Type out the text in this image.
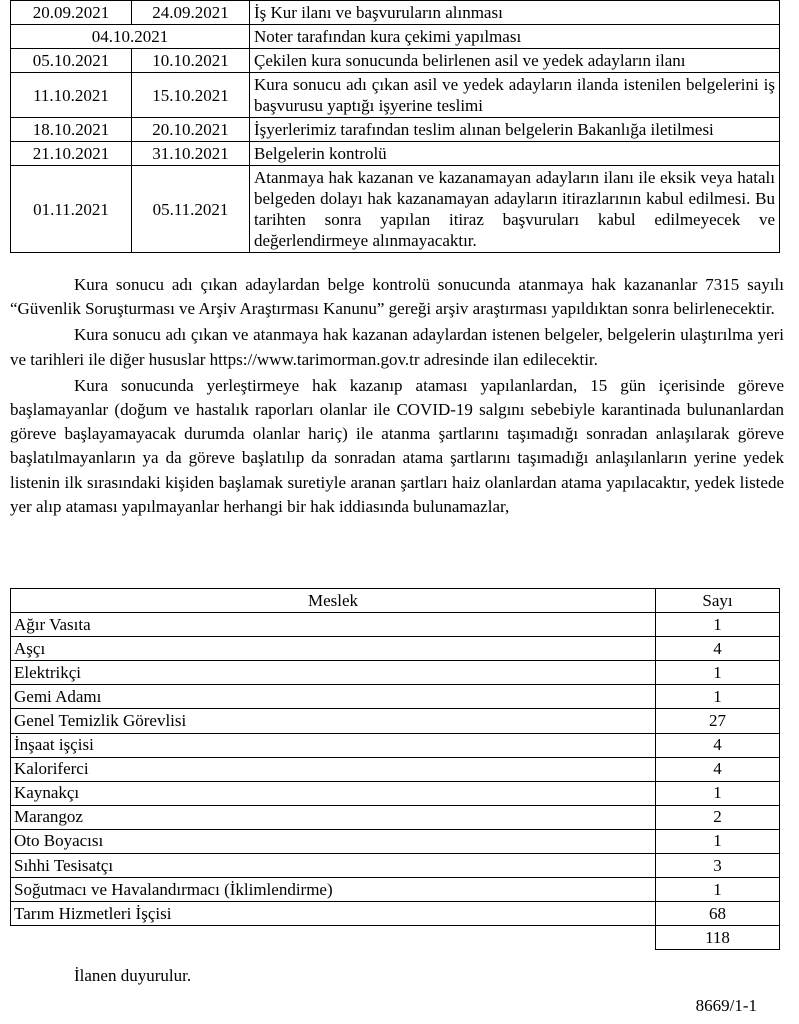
20.09.2021	24.09.2021	İş Kur ilanı ve başvuruların alınması
04.10.2021		Noter tarafından kura çekimi yapılması
05.10.2021	10.10.2021	Çekilen kura sonucunda belirlenen asil ve yedek adayların ilanı
11.10.2021	15.10.2021	Kura sonucu adı çıkan asil ve yedek adayların ilanda istenilen belgelerini iş başvurusu yaptığı işyerine teslimi
18.10.2021	20.10.2021	İşyerlerimiz tarafından teslim alınan belgelerin Bakanlığa iletilmesi
21.10.2021	31.10.2021	Belgelerin kontrolü
01.11.2021	05.11.2021	Atanmaya hak kazanan ve kazanamayan adayların ilanı ile eksik veya hatalı belgeden dolayı hak kazanamayan adayların itirazlarının kabul edilmesi. Bu tarihten sonra yapılan itiraz başvuruları kabul edilmeyecek ve değerlendirmeye alınmayacaktır.

Kura sonucu adı çıkan adaylardan belge kontrolü sonucunda atanmaya hak kazananlar 7315 sayılı “Güvenlik Soruşturması ve Arşiv Araştırması Kanunu” gereği arşiv araştırması yapıldıktan sonra belirlenecektir.

Kura sonucu adı çıkan ve atanmaya hak kazanan adaylardan istenen belgeler, belgelerin ulaştırılma yeri ve tarihleri ile diğer hususlar https://www.tarimorman.gov.tr adresinde ilan edilecektir.

Kura sonucunda yerleştirmeye hak kazanıp ataması yapılanlardan, 15 gün içerisinde göreve başlamayanlar (doğum ve hastalık raporları olanlar ile COVID-19 salgını sebebiyle karantinada bulunanlardan göreve başlayamayacak durumda olanlar hariç) ile atanma şartlarını taşımadığı sonradan anlaşılarak göreve başlatılmayanların ya da göreve başlatılıp da sonradan atama şartlarını taşımadığı anlaşılanların yerine yedek listenin ilk sırasındaki kişiden başlamak suretiyle aranan şartları haiz olanlardan atama yapılacaktır, yedek listede yer alıp ataması yapılmayanlar herhangi bir hak iddiasında bulunamazlar,

Meslek	Sayı
Ağır Vasıta	1
Aşçı	4
Elektrikçi	1
Gemi Adamı	1
Genel Temizlik Görevlisi	27
İnşaat işçisi	4
Kaloriferci	4
Kaynakçı	1
Marangoz	2
Oto Boyacısı	1
Sıhhi Tesisatçı	3
Soğutmacı ve Havalandırmacı (İklimlendirme)	1
Tarım Hizmetleri İşçisi	68
	118
İlanen duyurulur.
8669/1-1
